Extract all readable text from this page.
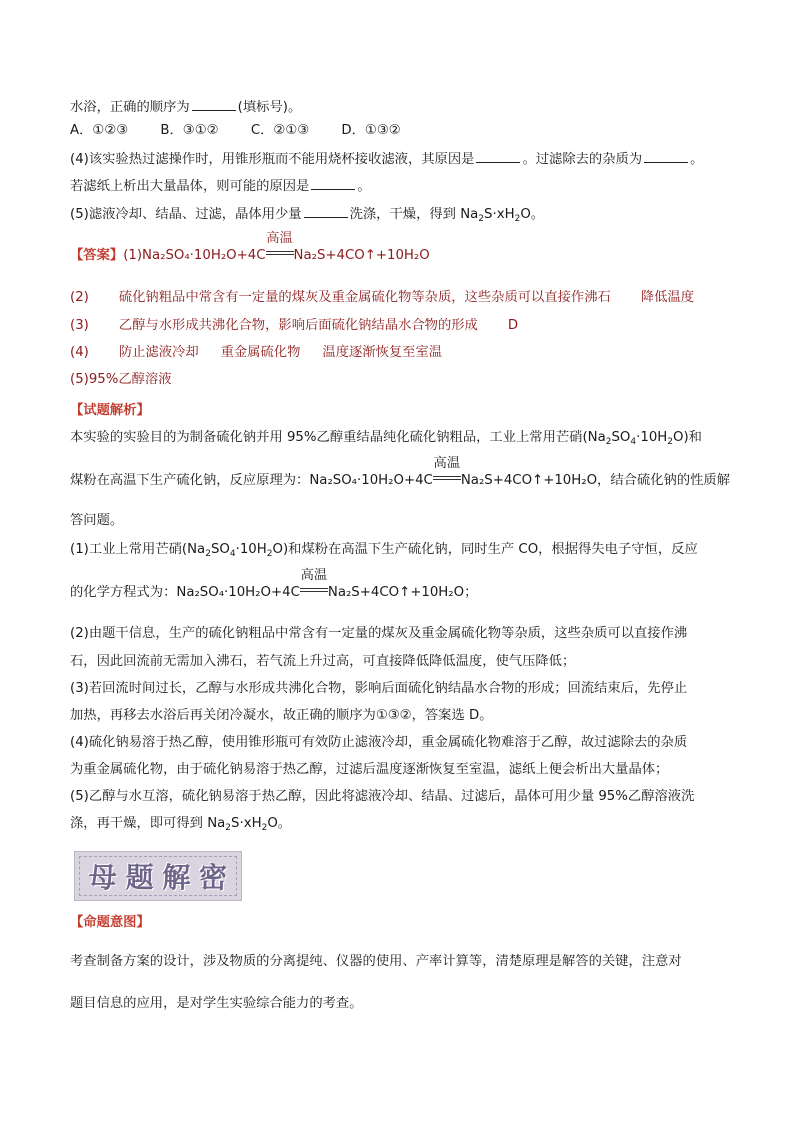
水浴，正确的顺序为	(填标号)。
A．①②③ B．③①② C．②①③ D．①③②
(4)该实验热过滤操作时，用锥形瓶而不能用烧杯接收滤液，其原因是	。过滤除去的杂质为	。
若滤纸上析出大量晶体，则可能的原因是	。
(5)滤液冷却、结晶、过滤，晶体用少量	洗涤，干燥，得到 $Na_2S\cdot xH_2O$。
【答案】(1)Na₂SO₄·10H₂O+4C
高温
Na₂S+4CO↑+10H₂O
(2) 硫化钠粗品中常含有一定量的煤灰及重金属硫化物等杂质，这些杂质可以直接作沸石 降低温度
(3) 乙醇与水形成共沸化合物，影响后面硫化钠结晶水合物的形成 D
(4) 防止滤液冷却 重金属硫化物 温度逐渐恢复至室温
(5)95%乙醇溶液
【试题解析】
本实验的实验目的为制备硫化钠并用 95%乙醇重结晶纯化硫化钠粗品，工业上常用芒硝$(Na_2SO_4\cdot 10H_2O)$和
煤粉在高温下生产硫化钠，反应原理为：Na₂SO₄·10H₂O+4C
高温
Na₂S+4CO↑+10H₂O，结合硫化钠的性质解
答问题。
(1)工业上常用芒硝$(Na_2SO_4\cdot 10H_2O)$和煤粉在高温下生产硫化钠，同时生产 CO，根据得失电子守恒，反应
的化学方程式为：Na₂SO₄·10H₂O+4C
高温
Na₂S+4CO↑+10H₂O；
(2)由题干信息，生产的硫化钠粗品中常含有一定量的煤灰及重金属硫化物等杂质，这些杂质可以直接作沸
石，因此回流前无需加入沸石，若气流上升过高，可直接降低降低温度，使气压降低；
(3)若回流时间过长，乙醇与水形成共沸化合物，影响后面硫化钠结晶水合物的形成；回流结束后，先停止
加热，再移去水浴后再关闭冷凝水，故正确的顺序为①③②，答案选 D。
(4)硫化钠易溶于热乙醇，使用锥形瓶可有效防止滤液冷却，重金属硫化物难溶于乙醇，故过滤除去的杂质
为重金属硫化物，由于硫化钠易溶于热乙醇，过滤后温度逐渐恢复至室温，滤纸上便会析出大量晶体；
(5)乙醇与水互溶，硫化钠易溶于热乙醇，因此将滤液冷却、结晶、过滤后，晶体可用少量 95%乙醇溶液洗
涤，再干燥，即可得到 $Na_2S\cdot xH_2O$。
母 题 解 密
【命题意图】
考查制备方案的设计，涉及物质的分离提纯、仪器的使用、产率计算等，清楚原理是解答的关键，注意对
题目信息的应用，是对学生实验综合能力的考查。
